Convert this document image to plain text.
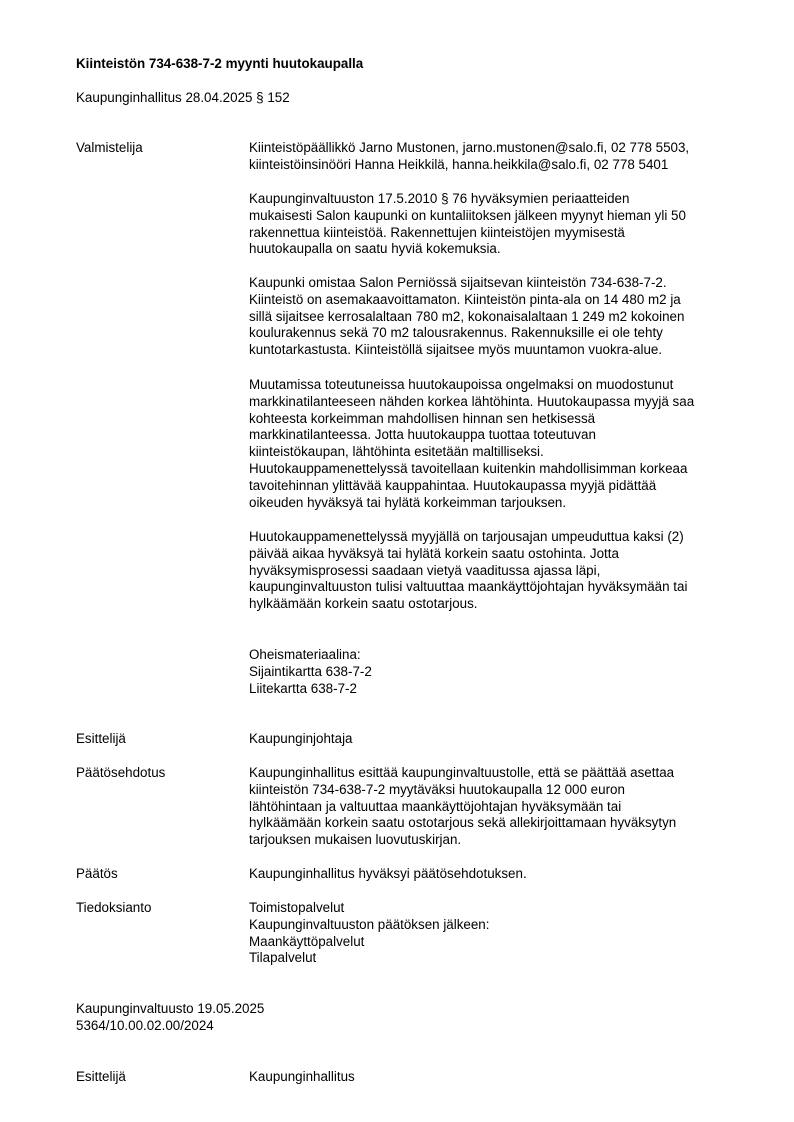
Kiinteistön 734-638-7-2 myynti huutokaupalla
Kaupunginhallitus 28.04.2025 § 152
Valmistelija	Kiinteistöpäällikkö Jarno Mustonen, jarno.mustonen@salo.fi, 02 778 5503,
kiinteistöinsinööri Hanna Heikkilä, hanna.heikkila@salo.fi, 02 778 5401
Kaupunginvaltuuston 17.5.2010 § 76 hyväksymien periaatteiden
mukaisesti Salon kaupunki on kuntaliitoksen jälkeen myynyt hieman yli 50
rakennettua kiinteistöä. Rakennettujen kiinteistöjen myymisestä
huutokaupalla on saatu hyviä kokemuksia.
Kaupunki omistaa Salon Perniössä sijaitsevan kiinteistön 734-638-7-2.
Kiinteistö on asemakaavoittamaton. Kiinteistön pinta-ala on 14 480 m2 ja
sillä sijaitsee kerrosalaltaan 780 m2, kokonaisalaltaan 1 249 m2 kokoinen
koulurakennus sekä 70 m2 talousrakennus. Rakennuksille ei ole tehty
kuntotarkastusta. Kiinteistöllä sijaitsee myös muuntamon vuokra-alue.
Muutamissa toteutuneissa huutokaupoissa ongelmaksi on muodostunut
markkinatilanteeseen nähden korkea lähtöhinta. Huutokaupassa myyjä saa
kohteesta korkeimman mahdollisen hinnan sen hetkisessä
markkinatilanteessa. Jotta huutokauppa tuottaa toteutuvan
kiinteistökaupan, lähtöhinta esitetään maltilliseksi.
Huutokauppamenettelyssä tavoitellaan kuitenkin mahdollisimman korkeaa
tavoitehinnan ylittävää kauppahintaa. Huutokaupassa myyjä pidättää
oikeuden hyväksyä tai hylätä korkeimman tarjouksen.
Huutokauppamenettelyssä myyjällä on tarjousajan umpeuduttua kaksi (2)
päivää aikaa hyväksyä tai hylätä korkein saatu ostohinta. Jotta
hyväksymisprosessi saadaan vietyä vaaditussa ajassa läpi,
kaupunginvaltuuston tulisi valtuuttaa maankäyttöjohtajan hyväksymään tai
hylkäämään korkein saatu ostotarjous.
Oheismateriaalina:
Sijaintikartta 638-7-2
Liitekartta 638-7-2
Esittelijä	Kaupunginjohtaja
Päätösehdotus	Kaupunginhallitus esittää kaupunginvaltuustolle, että se päättää asettaa
kiinteistön 734-638-7-2 myytäväksi huutokaupalla 12 000 euron
lähtöhintaan ja valtuuttaa maankäyttöjohtajan hyväksymään tai
hylkäämään korkein saatu ostotarjous sekä allekirjoittamaan hyväksytyn
tarjouksen mukaisen luovutuskirjan.
Päätös	Kaupunginhallitus hyväksyi päätösehdotuksen.
Tiedoksianto	Toimistopalvelut
Kaupunginvaltuuston päätöksen jälkeen:
Maankäyttöpalvelut
Tilapalvelut
Kaupunginvaltuusto 19.05.2025
5364/10.00.02.00/2024
Esittelijä	Kaupunginhallitus
